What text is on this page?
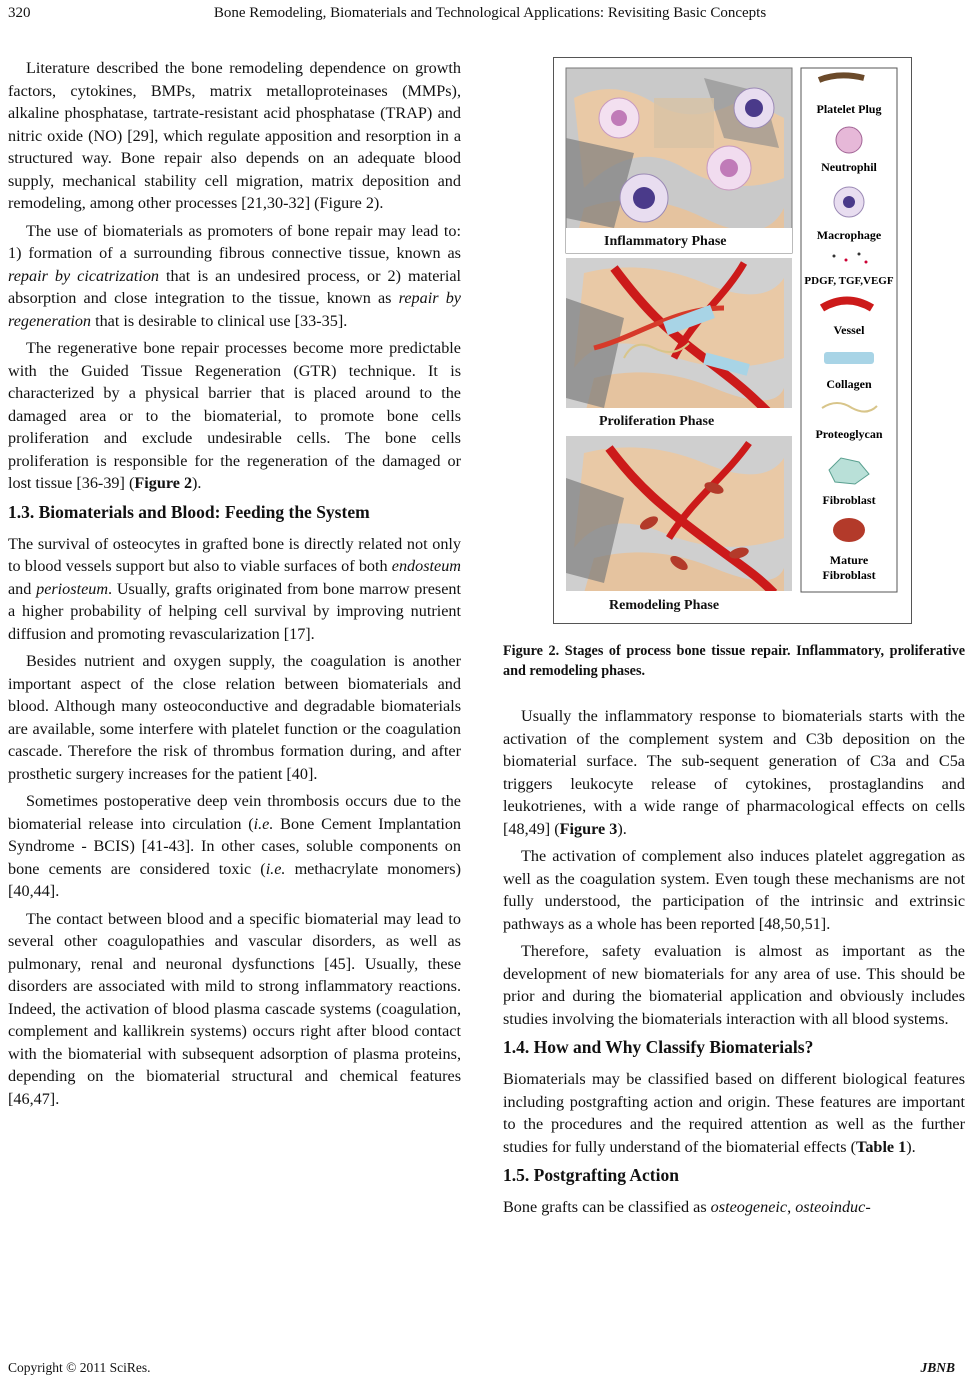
320	Bone Remodeling, Biomaterials and Technological Applications: Revisiting Basic Concepts

Literature described the bone remodeling dependence on growth factors, cytokines, BMPs, matrix metalloproteinases (MMPs), alkaline phosphatase, tartrate-resistant acid phosphatase (TRAP) and nitric oxide (NO) [29], which regulate apposition and resorption in a structured way. Bone repair also depends on an adequate blood supply, mechanical stability cell migration, matrix deposition and remodeling, among other processes [21,30-32] (Figure 2).

The use of biomaterials as promoters of bone repair may lead to: 1) formation of a surrounding fibrous connective tissue, known as repair by cicatrization that is an undesired process, or 2) material absorption and close integration to the tissue, known as repair by regeneration that is desirable to clinical use [33-35].

The regenerative bone repair processes become more predictable with the Guided Tissue Regeneration (GTR) technique. It is characterized by a physical barrier that is placed around to the damaged area or to the biomaterial, to promote bone cells proliferation and exclude undesirable cells. The bone cells proliferation is responsible for the regeneration of the damaged or lost tissue [36-39] (Figure 2).

1.3. Biomaterials and Blood: Feeding the System

The survival of osteocytes in grafted bone is directly related not only to blood vessels support but also to viable surfaces of both endosteum and periosteum. Usually, grafts originated from bone marrow present a higher probability of helping cell survival by improving nutrient diffusion and promoting revascularization [17].

Besides nutrient and oxygen supply, the coagulation is another important aspect of the close relation between biomaterials and blood. Although many osteoconductive and degradable biomaterials are available, some interfere with platelet function or the coagulation cascade. Therefore the risk of thrombus formation during, and after prosthetic surgery increases for the patient [40].

Sometimes postoperative deep vein thrombosis occurs due to the biomaterial release into circulation (i.e. Bone Cement Implantation Syndrome - BCIS) [41-43]. In other cases, soluble components on bone cements are considered toxic (i.e. methacrylate monomers) [40,44].

The contact between blood and a specific biomaterial may lead to several other coagulopathies and vascular disorders, as well as pulmonary, renal and neuronal dysfunctions [45]. Usually, these disorders are associated with mild to strong inflammatory reactions. Indeed, the activation of blood plasma cascade systems (coagulation, complement and kallikrein systems) occurs right after blood contact with the biomaterial with subsequent adsorption of plasma proteins, depending on the biomaterial structural and chemical features [46,47].

Inflammatory Phase
Proliferation Phase
Remodeling Phase
Platelet Plug
Neutrophil
Macrophage
PDGF, TGF,VEGF
Vessel
Collagen
Proteoglycan
Fibroblast
Mature
Fibroblast
Figure 2. Stages of process bone tissue repair. Inflammatory, proliferative and remodeling phases.

Usually the inflammatory response to biomaterials starts with the activation of the complement system and C3b deposition on the biomaterial surface. The sub-sequent generation of C3a and C5a triggers leukocyte release of cytokines, prostaglandins and leukotrienes, with a wide range of pharmacological effects on cells [48,49] (Figure 3).

The activation of complement also induces platelet aggregation as well as the coagulation system. Even tough these mechanisms are not fully understood, the participation of the intrinsic and extrinsic pathways as a whole has been reported [48,50,51].

Therefore, safety evaluation is almost as important as the development of new biomaterials for any area of use. This should be prior and during the biomaterial application and obviously includes studies involving the biomaterials interaction with all blood systems.

1.4. How and Why Classify Biomaterials?

Biomaterials may be classified based on different biological features including postgrafting action and origin. These features are important to the procedures and the required attention as well as the further studies for fully understand of the biomaterial effects (Table 1).

1.5. Postgrafting Action

Bone grafts can be classified as osteogeneic, osteoinduc-

Copyright © 2011 SciRes.	JBNB
